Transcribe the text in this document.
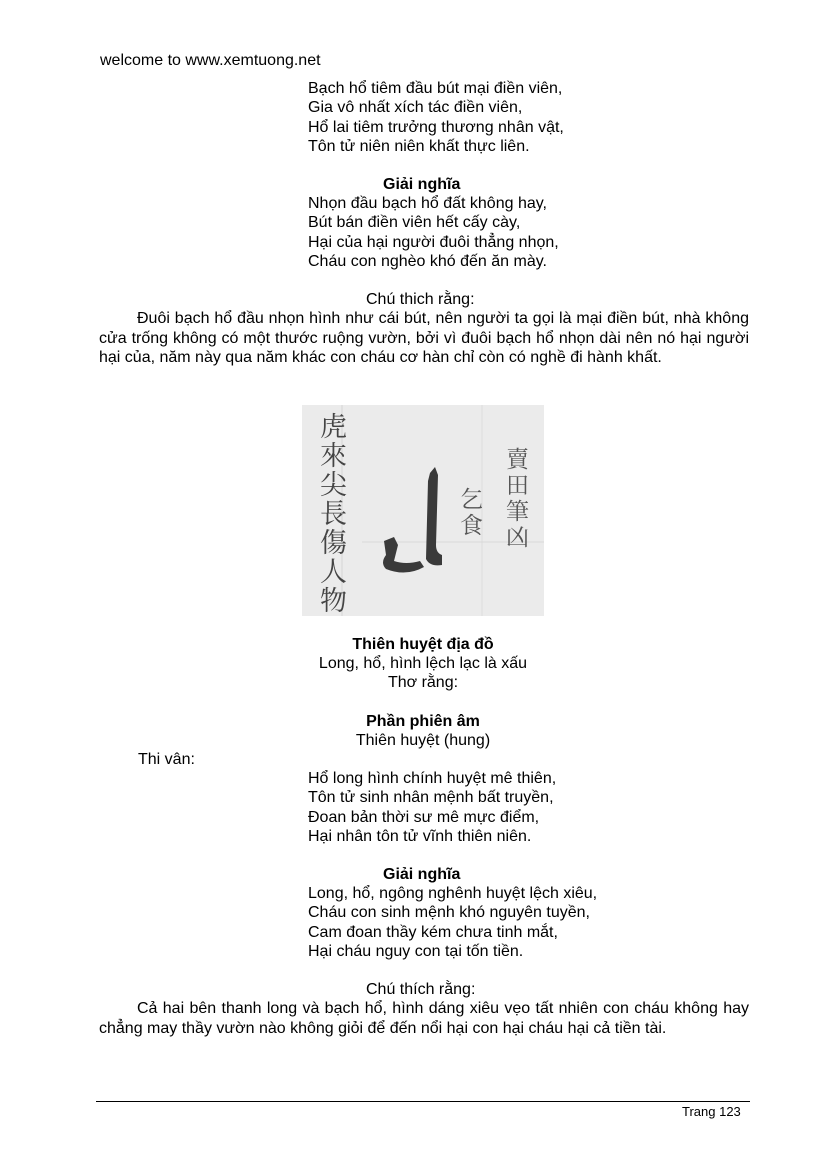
welcome to www.xemtuong.net
Bạch hổ tiêm đầu bút mại điền viên,
Gia vô nhất xích tác điền viên,
Hổ lai tiêm trưởng thương nhân vật,
Tôn tử niên niên khất thực liên.
Giải nghĩa
Nhọn đầu bạch hổ đất không hay,
Bút bán điền viên hết cấy cày,
Hại của hại người đuôi thẳng nhọn,
Cháu con nghèo khó đến ăn mày.
Chú thich rằng:
Đuôi bạch hổ đầu nhọn hình như cái bút, nên người ta gọi là mại điền bút, nhà không cửa trống không có một thước ruộng vườn, bởi vì đuôi bạch hổ nhọn dài nên nó hại người hại của, năm này qua năm khác con cháu cơ hàn chỉ còn có nghề đi hành khất.
虎來尖長傷人物
賣田筆凶
乞食
Thiên huyệt địa đồ
Long, hổ, hình lệch lạc là xấu
Thơ rằng:
Phần phiên âm
Thiên huyệt (hung)
Thi vân:
Hổ long hình chính huyệt mê thiên,
Tôn tử sinh nhân mệnh bất truyền,
Đoan bản thời sư mê mực điểm,
Hại nhân tôn tử vĩnh thiên niên.
Giải nghĩa
Long, hổ, ngông nghênh huyệt lệch xiêu,
Cháu con sinh mệnh khó nguyên tuyền,
Cam đoan thầy kém chưa tinh mắt,
Hại cháu nguy con tại tốn tiền.
Chú thích rằng:
Cả hai bên thanh long và bạch hổ, hình dáng xiêu vẹo tất nhiên con cháu không hay chẳng may thầy vườn nào không giỏi để đến nổi hại con hại cháu hại cả tiền tài.
Trang 123
